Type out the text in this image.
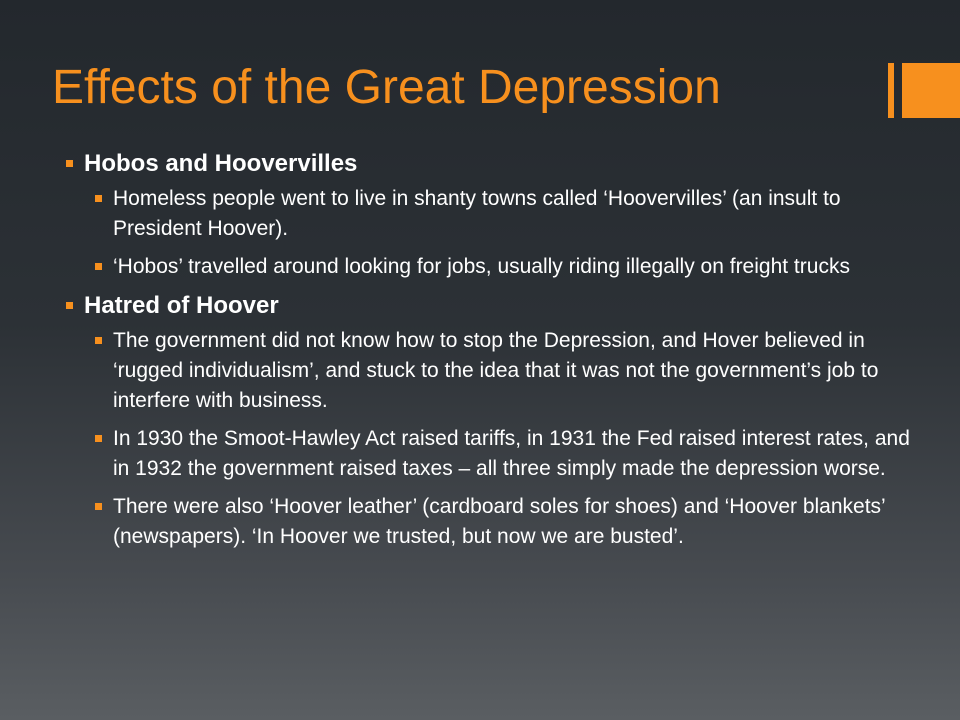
Effects of the Great Depression
Hobos and Hoovervilles
Homeless people went to live in shanty towns called ‘Hoovervilles’ (an insult to President Hoover).
‘Hobos’ travelled around looking for jobs, usually riding illegally on freight trucks
Hatred of Hoover
The government did not know how to stop the Depression, and Hover believed in ‘rugged individualism’, and stuck to the idea that it was not the government’s job to interfere with business.
In 1930 the Smoot-Hawley Act raised tariffs, in 1931 the Fed raised interest rates, and in 1932 the government raised taxes – all three simply made the depression worse.
There were also ‘Hoover leather’ (cardboard soles for shoes) and ‘Hoover blankets’ (newspapers). ‘In Hoover we trusted, but now we are busted’.
